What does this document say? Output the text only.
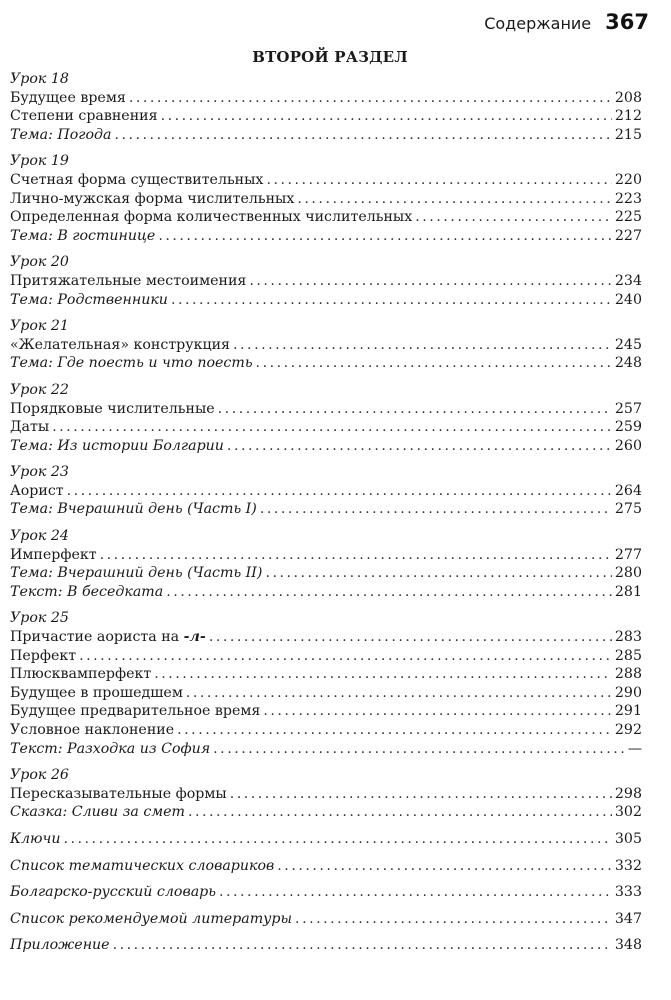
Содержание 367
ВТОРОЙ РАЗДЕЛ
Урок 18
Будущее время . . .	208
Степени сравнения . . .	212
Тема: Погода . . .	215
Урок 19
Счетная форма существительных . . .	220
Лично-мужская форма числительных . . .	223
Определенная форма количественных числительных . . .	225
Тема: В гостинице . . .	227
Урок 20
Притяжательные местоимения . . .	234
Тема: Родственники . . .	240
Урок 21
«Желательная» конструкция . . .	245
Тема: Где поесть и что поесть . . .	248
Урок 22
Порядковые числительные . . .	257
Даты . . .	259
Тема: Из истории Болгарии . . .	260
Урок 23
Аорист . . .	264
Тема: Вчерашний день (Часть I) . . .	275
Урок 24
Имперфект . . .	277
Тема: Вчерашний день (Часть II) . . .	280
Текст: В беседката . . .	281
Урок 25
Причастие аориста на -л- . . .	283
Перфект . . .	285
Плюсквамперфект . . .	288
Будущее в прошедшем . . .	290
Будущее предварительное время . . .	291
Условное наклонение . . .	292
Текст: Разходка из София . . .	—
Урок 26
Пересказывательные формы . . .	298
Сказка: Сливи за смет . . .	302
Ключи . . .	305
Список тематических словариков . . .	332
Болгарско-русский словарь . . .	333
Список рекомендуемой литературы . . .	347
Приложение . . .	348
